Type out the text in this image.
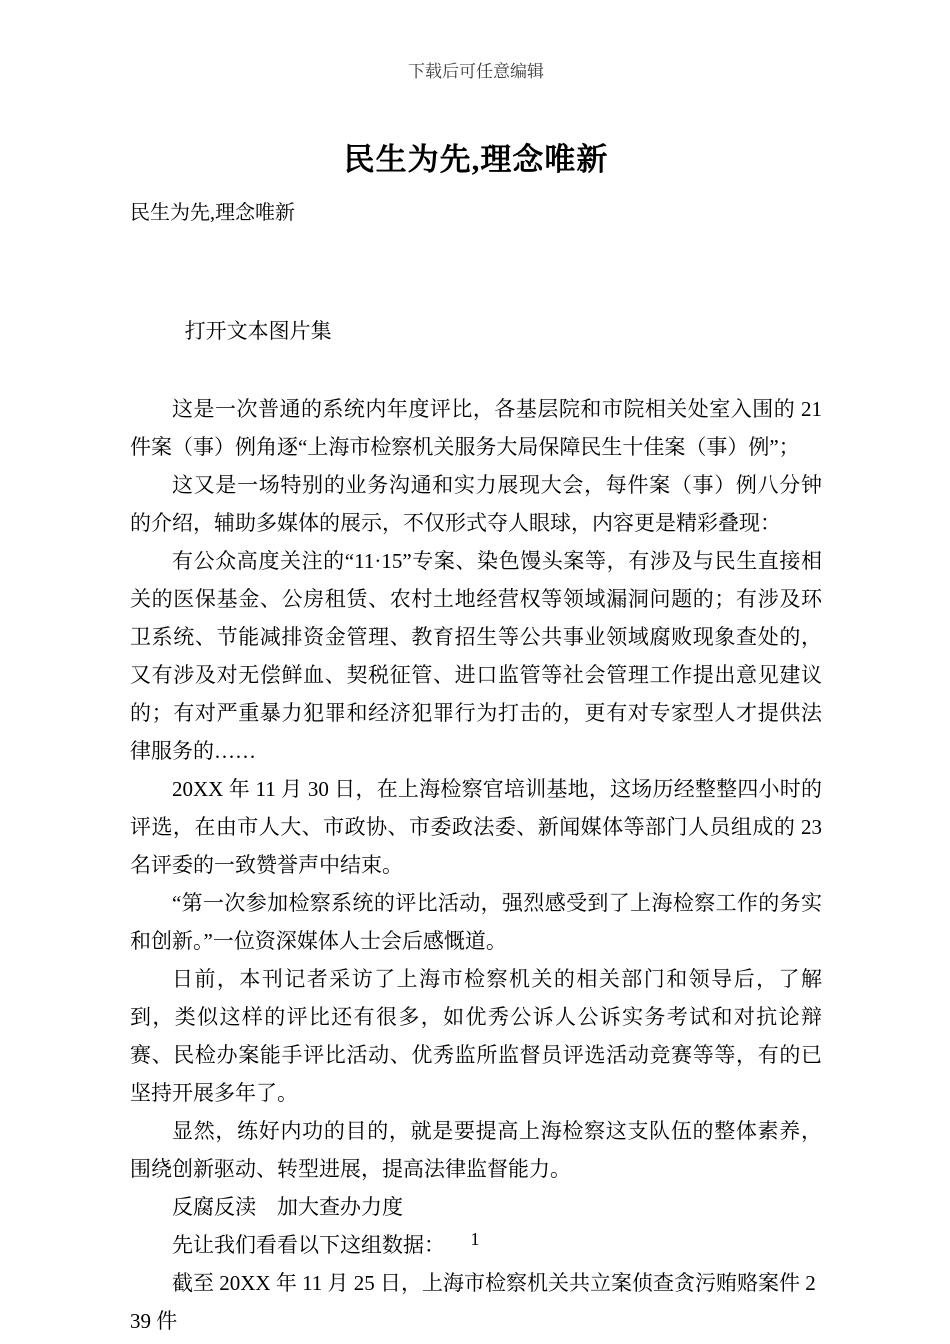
下载后可任意编辑
民生为先,理念唯新
民生为先,理念唯新
打开文本图片集

这是一次普通的系统内年度评比，各基层院和市院相关处室入围的 21 件案（事）例角逐“上海市检察机关服务大局保障民生十佳案（事）例”；

这又是一场特别的业务沟通和实力展现大会，每件案（事）例八分钟的介绍，辅助多媒体的展示，不仅形式夺人眼球，内容更是精彩叠现：

有公众高度关注的“11·15”专案、染色馒头案等，有涉及与民生直接相关的医保基金、公房租赁、农村土地经营权等领域漏洞问题的；有涉及环卫系统、节能减排资金管理、教育招生等公共事业领域腐败现象查处的，又有涉及对无偿鲜血、契税征管、进口监管等社会管理工作提出意见建议的；有对严重暴力犯罪和经济犯罪行为打击的，更有对专家型人才提供法律服务的……

20XX 年 11 月 30 日，在上海检察官培训基地，这场历经整整四小时的评选，在由市人大、市政协、市委政法委、新闻媒体等部门人员组成的 23 名评委的一致赞誉声中结束。

“第一次参加检察系统的评比活动，强烈感受到了上海检察工作的务实和创新。”一位资深媒体人士会后感慨道。

日前，本刊记者采访了上海市检察机关的相关部门和领导后，了解到，类似这样的评比还有很多，如优秀公诉人公诉实务考试和对抗论辩赛、民检办案能手评比活动、优秀监所监督员评选活动竞赛等等，有的已坚持开展多年了。

显然，练好内功的目的，就是要提高上海检察这支队伍的整体素养，围绕创新驱动、转型进展，提高法律监督能力。

反腐反渎　加大查办力度

先让我们看看以下这组数据：

截至 20XX 年 11 月 25 日，上海市检察机关共立案侦查贪污贿赂案件 239 件

1
